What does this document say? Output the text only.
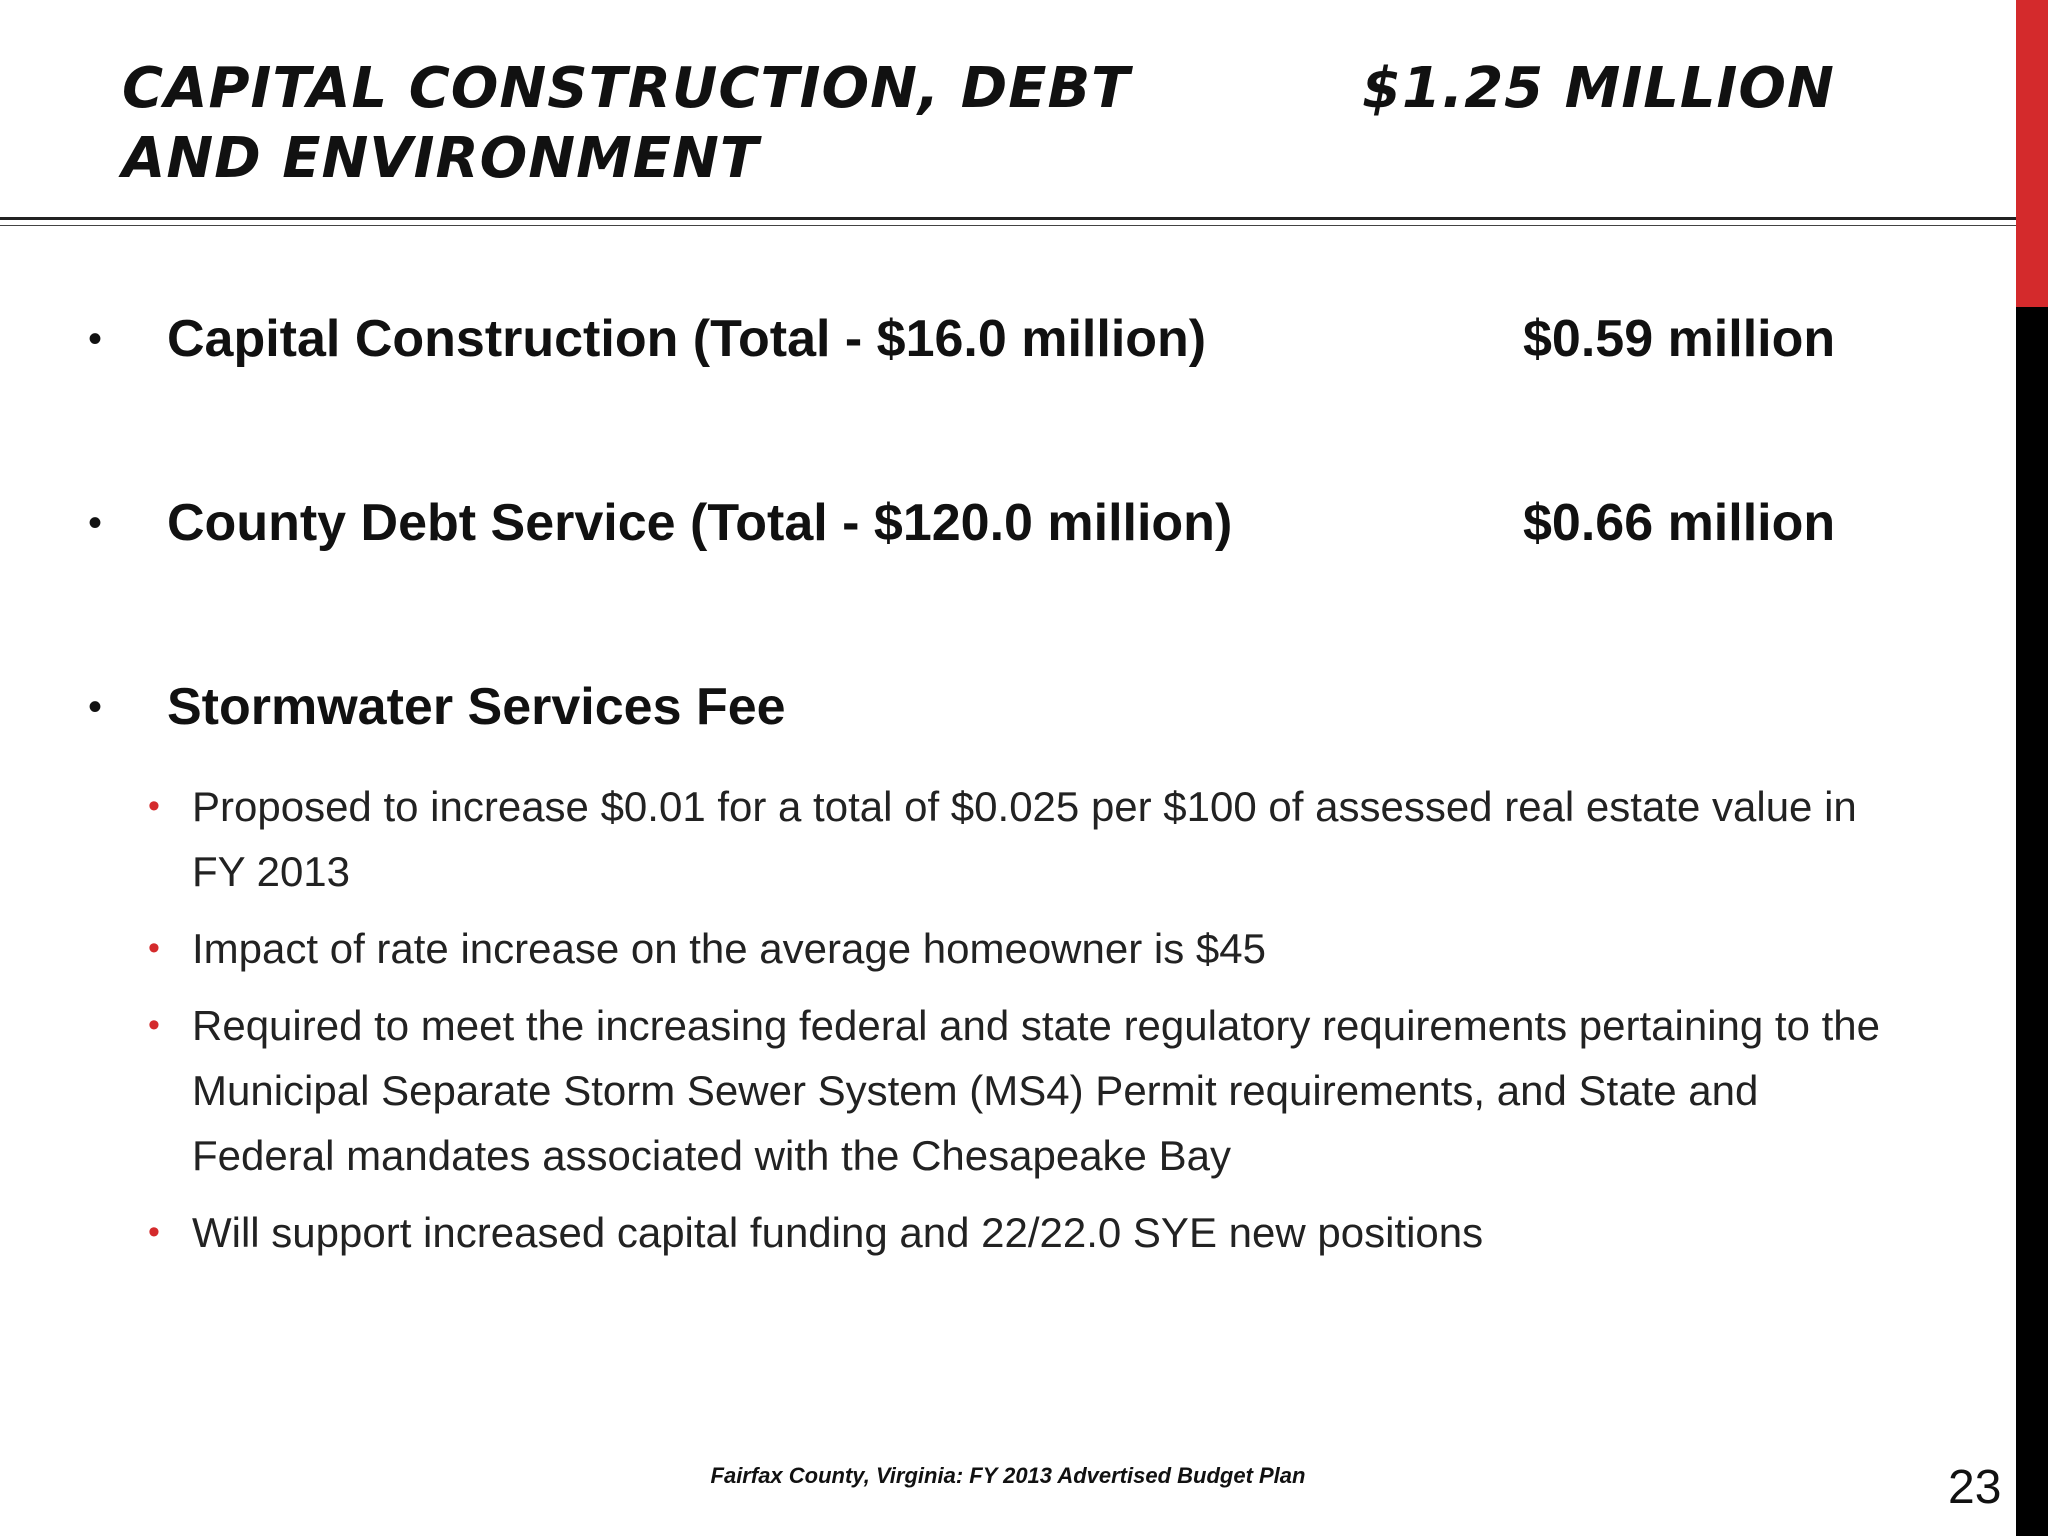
CAPITAL CONSTRUCTION, DEBT
AND ENVIRONMENT
$1.25 MILLION
• Capital Construction (Total - $16.0 million)	$0.59 million
• County Debt Service (Total - $120.0 million)	$0.66 million
• Stormwater Services Fee
• Proposed to increase $0.01 for a total of $0.025 per $100 of assessed real estate value in FY 2013
• Impact of rate increase on the average homeowner is $45
• Required to meet the increasing federal and state regulatory requirements pertaining to the Municipal Separate Storm Sewer System (MS4) Permit requirements, and State and Federal mandates associated with the Chesapeake Bay
• Will support increased capital funding and 22/22.0 SYE new positions
Fairfax County, Virginia: FY 2013 Advertised Budget Plan	23
